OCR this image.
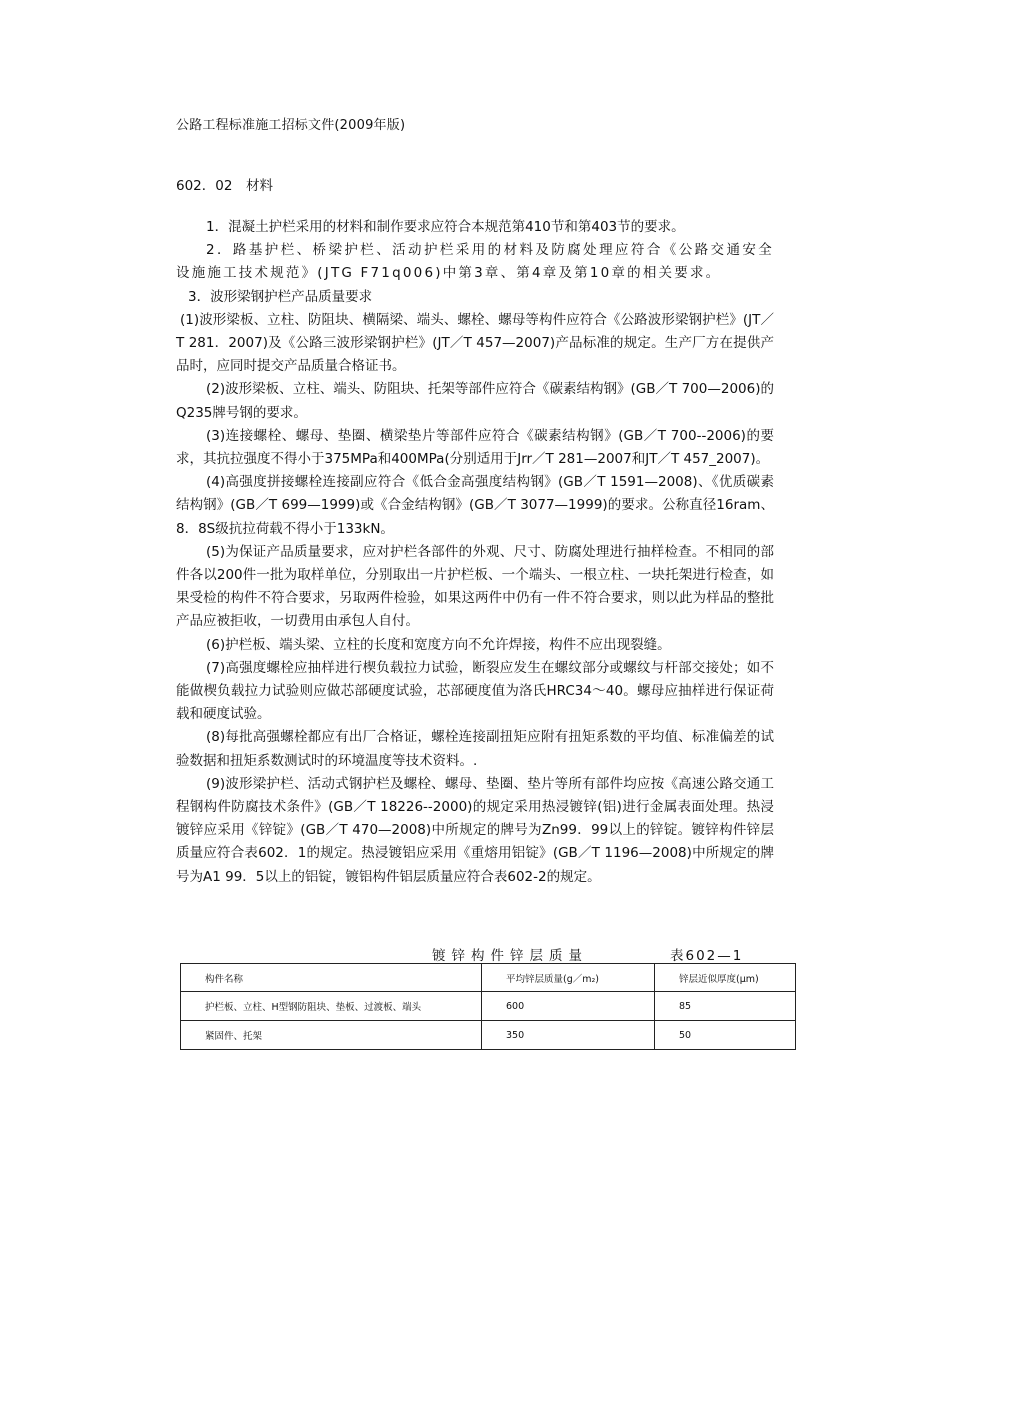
公路工程标准施工招标文件(2009年版)
602．02　材料

1．混凝土护栏采用的材料和制作要求应符合本规范第410节和第403节的要求。

2．路基护栏、桥梁护栏、活动护栏采用的材料及防腐处理应符合《公路交通安全设施施工技术规范》(JTG F71q006)中第3章、第4章及第10章的相关要求。

3．波形梁钢护栏产品质量要求

(1)波形梁板、立柱、防阻块、横隔梁、端头、螺栓、螺母等构件应符合《公路波形梁钢护栏》(JT／T 281．2007)及《公路三波形梁钢护栏》(JT／T 457—2007)产品标准的规定。生产厂方在提供产品时，应同时提交产品质量合格证书。

(2)波形梁板、立柱、端头、防阻块、托架等部件应符合《碳素结构钢》(GB／T 700—2006)的Q235牌号钢的要求。

(3)连接螺栓、螺母、垫圈、横梁垫片等部件应符合《碳素结构钢》(GB／T 700--2006)的要求，其抗拉强度不得小于375MPa和400MPa(分别适用于Jrr／T 281—2007和JT／T 457_2007)。

(4)高强度拼接螺栓连接副应符合《低合金高强度结构钢》(GB／T 1591—2008)、《优质碳素结构钢》(GB／T 699—1999)或《合金结构钢》(GB／T 3077—1999)的要求。公称直径16ram、8．8S级抗拉荷载不得小于133kN。

(5)为保证产品质量要求，应对护栏各部件的外观、尺寸、防腐处理进行抽样检查。不相同的部件各以200件一批为取样单位，分别取出一片护栏板、一个端头、一根立柱、一块托架进行检查，如果受检的构件不符合要求，另取两件检验，如果这两件中仍有一件不符合要求，则以此为样品的整批产品应被拒收，一切费用由承包人自付。

(6)护栏板、端头梁、立柱的长度和宽度方向不允许焊接，构件不应出现裂缝。

(7)高强度螺栓应抽样进行楔负载拉力试验，断裂应发生在螺纹部分或螺纹与杆部交接处；如不能做楔负载拉力试验则应做芯部硬度试验，芯部硬度值为洛氏HRC34～40。螺母应抽样进行保证荷载和硬度试验。

(8)每批高强螺栓都应有出厂合格证，螺栓连接副扭矩应附有扭矩系数的平均值、标准偏差的试验数据和扭矩系数测试时的环境温度等技术资料。.

(9)波形梁护栏、活动式钢护栏及螺栓、螺母、垫圈、垫片等所有部件均应按《高速公路交通工程钢构件防腐技术条件》(GB／T 18226--2000)的规定采用热浸镀锌(铝)进行金属表面处理。热浸镀锌应采用《锌锭》(GB／T 470—2008)中所规定的牌号为Zn99．99以上的锌锭。镀锌构件锌层质量应符合表602．1的规定。热浸镀铝应采用《重熔用铝锭》(GB／T 1196—2008)中所规定的牌号为A1 99．5以上的铝锭，镀铝构件铝层质量应符合表602-2的规定。

镀锌构件锌层质量	表602—1
构件名称	平均锌层质量(g／m₂)	锌层近似厚度(μm)
护栏板、立柱、H型钢防阻块、垫板、过渡板、端头	600	85
紧固件、托架	350	50
